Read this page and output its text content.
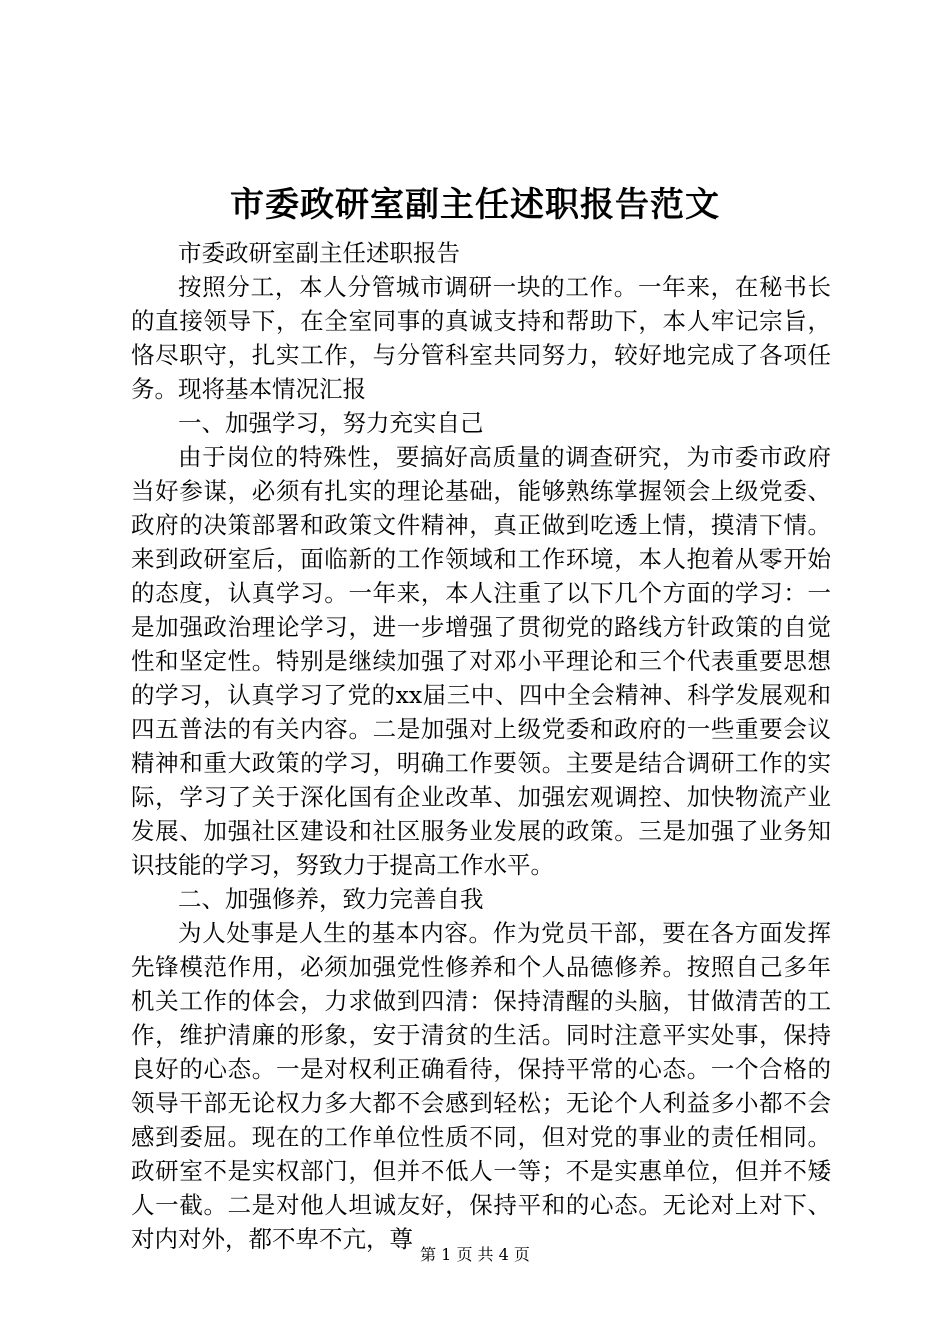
市委政研室副主任述职报告范文

市委政研室副主任述职报告

按照分工，本人分管城市调研一块的工作。一年来，在秘书长的直接领导下，在全室同事的真诚支持和帮助下，本人牢记宗旨，恪尽职守，扎实工作，与分管科室共同努力，较好地完成了各项任务。现将基本情况汇报

一、加强学习，努力充实自己

由于岗位的特殊性，要搞好高质量的调查研究，为市委市政府当好参谋，必须有扎实的理论基础，能够熟练掌握领会上级党委、政府的决策部署和政策文件精神，真正做到吃透上情，摸清下情。来到政研室后，面临新的工作领域和工作环境，本人抱着从零开始的态度，认真学习。一年来，本人注重了以下几个方面的学习：一是加强政治理论学习，进一步增强了贯彻党的路线方针政策的自觉性和坚定性。特别是继续加强了对邓小平理论和三个代表重要思想的学习，认真学习了党的xx届三中、四中全会精神、科学发展观和四五普法的有关内容。二是加强对上级党委和政府的一些重要会议精神和重大政策的学习，明确工作要领。主要是结合调研工作的实际，学习了关于深化国有企业改革、加强宏观调控、加快物流产业发展、加强社区建设和社区服务业发展的政策。三是加强了业务知识技能的学习，努致力于提高工作水平。

二、加强修养，致力完善自我

为人处事是人生的基本内容。作为党员干部，要在各方面发挥先锋模范作用，必须加强党性修养和个人品德修养。按照自己多年机关工作的体会，力求做到四清：保持清醒的头脑，甘做清苦的工作，维护清廉的形象，安于清贫的生活。同时注意平实处事，保持良好的心态。一是对权利正确看待，保持平常的心态。一个合格的领导干部无论权力多大都不会感到轻松；无论个人利益多小都不会感到委屈。现在的工作单位性质不同，但对党的事业的责任相同。政研室不是实权部门，但并不低人一等；不是实惠单位，但并不矮人一截。二是对他人坦诚友好，保持平和的心态。无论对上对下、对内对外，都不卑不亢，尊

第 1 页 共 4 页
